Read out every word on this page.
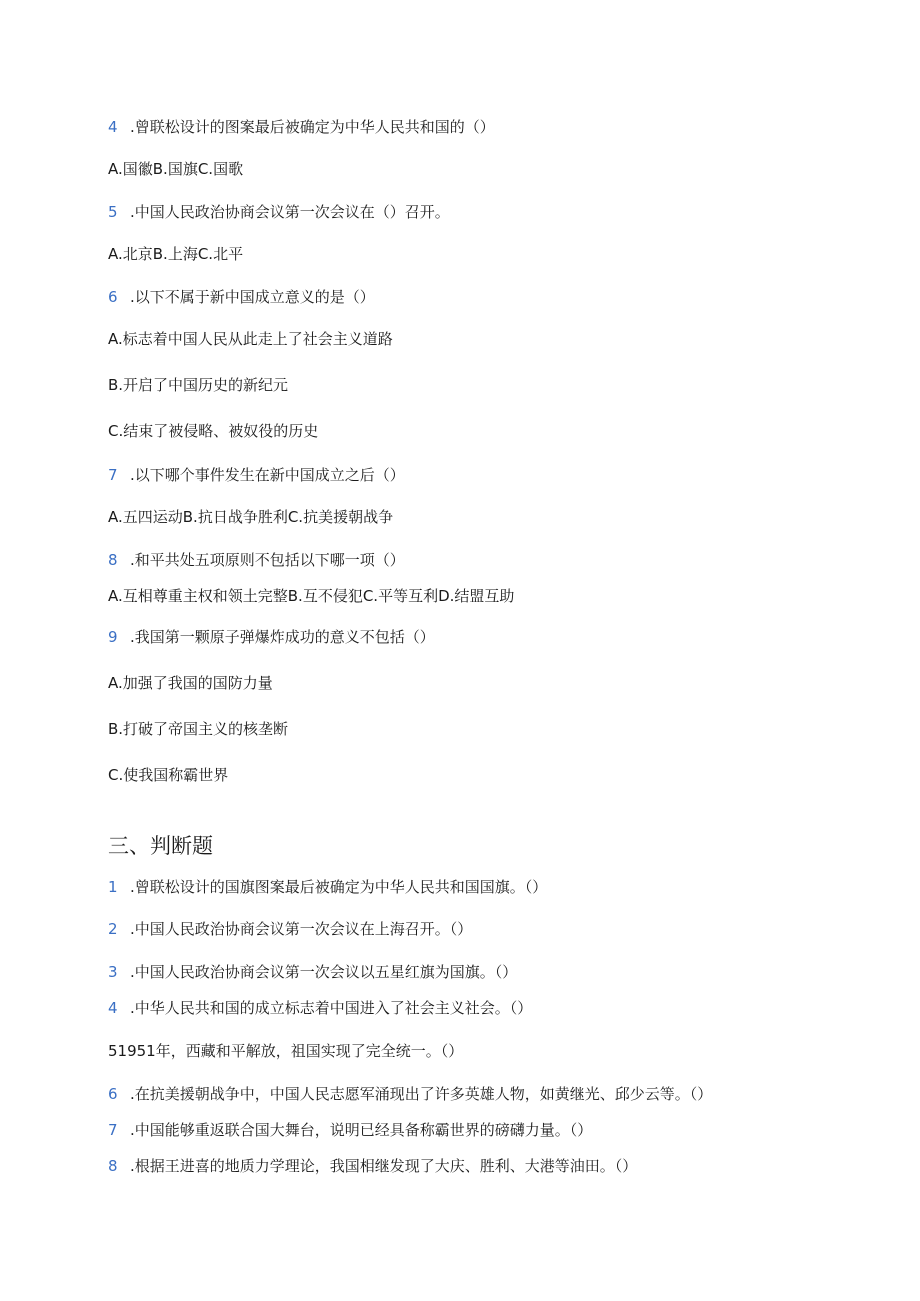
4 .曾联松设计的图案最后被确定为中华人民共和国的（）
A.国徽B.国旗C.国歌
5 .中国人民政治协商会议第一次会议在（）召开。
A.北京B.上海C.北平
6 .以下不属于新中国成立意义的是（）
A.标志着中国人民从此走上了社会主义道路
B.开启了中国历史的新纪元
C.结束了被侵略、被奴役的历史
7 .以下哪个事件发生在新中国成立之后（）
A.五四运动B.抗日战争胜利C.抗美援朝战争
8 .和平共处五项原则不包括以下哪一项（）
A.互相尊重主权和领土完整B.互不侵犯C.平等互利D.结盟互助
9 .我国第一颗原子弹爆炸成功的意义不包括（）
A.加强了我国的国防力量
B.打破了帝国主义的核垄断
C.使我国称霸世界
三、判断题
1 .曾联松设计的国旗图案最后被确定为中华人民共和国国旗。（）
2 .中国人民政治协商会议第一次会议在上海召开。（）
3 .中国人民政治协商会议第一次会议以五星红旗为国旗。（）
4 .中华人民共和国的成立标志着中国进入了社会主义社会。（）
51951年，西藏和平解放，祖国实现了完全统一。（）
6 .在抗美援朝战争中，中国人民志愿军涌现出了许多英雄人物，如黄继光、邱少云等。（）
7 .中国能够重返联合国大舞台，说明已经具备称霸世界的磅礴力量。（）
8 .根据王进喜的地质力学理论，我国相继发现了大庆、胜利、大港等油田。（）
